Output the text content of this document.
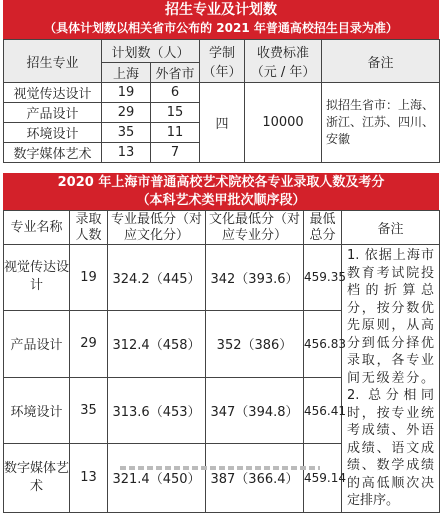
招生专业及计划数
（具体计划数以相关省市公布的 2021 年普通高校招生目录为准）
招生专业	计划数（人）		学制（年）	收费标准（元 / 年）	备注
	上海	外省市			
视觉传达设计	19	6	四	10000	拟招生省市：上海、浙江、江苏、四川、安徽
产品设计	29	15			
环境设计	35	11			
数字媒体艺术	13	7			
2020 年上海市普通高校艺术院校各专业录取人数及考分
（本科艺术类甲批次顺序段）
专业名称	录取人数	专业最低分（对应文化分）	文化最低分（对应专业分）	最低总分	备注
视觉传达设计	19	324.2（445）	342（393.6）	459.35	1. 依据上海市教育考试院投档的折算总分，按分数优先原则，从高分到低分择优录取，各专业间无级差分。2. 总分相同时，按专业统考成绩、外语成绩、语文成绩、数学成绩的高低顺次决定排序。
产品设计	29	312.4（458）	352（386）	456.83	
环境设计	35	313.6（453）	347（394.8）	456.41	
数字媒体艺术	13	321.4（450）	387（366.4）	459.14	
